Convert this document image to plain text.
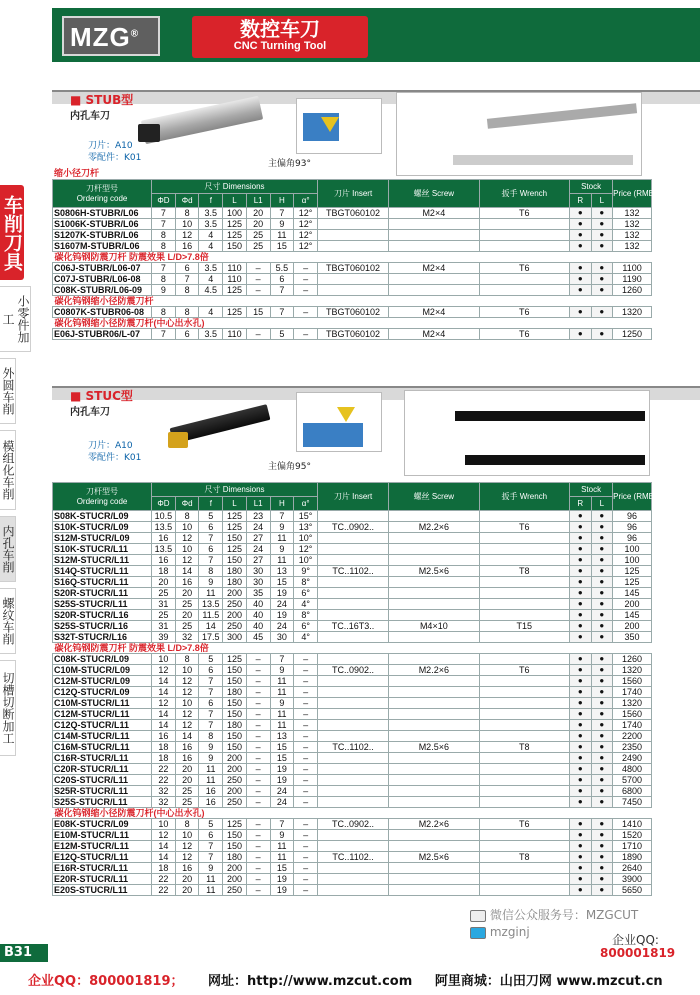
MZG®	数控车刀
CNC Turning Tool
车削刀具
小零件加工
外圆车削
模组化车削
内孔车削
螺纹车削
切槽切断加工
■ STUB型
内孔车刀
刀片：A10
零配件：K01
主偏角93°
缩小径刀杆
刀杆型号
Ordering code	尺寸 Dimensions							刀片 Insert	螺丝 Screw	扳手 Wrench	Stock		Price (RMB)
	ΦD	Φd	f	L	L1	H	α°				R	L	
S0806H-STUBR/L06	7	8	3.5	100	20	7	12°	TBGT060102	M2×4	T6	●	●	132
S1006K-STUBR/L06	7	10	3.5	125	20	9	12°				●	●	132
S1207K-STUBR/L06	8	12	4	125	25	11	12°				●	●	132
S1607M-STUBR/L06	8	16	4	150	25	15	12°				●	●	132
碳化钨钢防震刀杆 防震效果 L/D>7.8倍													
C06J-STUBR/L06-07	7	6	3.5	110	–	5.5	–	TBGT060102	M2×4	T6	●	●	1100
C07J-STUBR/L06-08	8	7	4	110	–	6	–				●	●	1190
C08K-STUBR/L06-09	9	8	4.5	125	–	7	–				●	●	1260
碳化钨钢缩小径防震刀杆													
C0807K-STUBR06-08	8	8	4	125	15	7	–	TBGT060102	M2×4	T6	●	●	1320
碳化钨钢缩小径防震刀杆(中心出水孔)													
E06J-STUBR06/L-07	7	6	3.5	110	–	5	–	TBGT060102	M2×4	T6	●	●	1250
■ STUC型
内孔车刀
刀片：A10
零配件：K01
主偏角95°
刀杆型号
Ordering code	尺寸 Dimensions							刀片 Insert	螺丝 Screw	扳手 Wrench	Stock		Price (RMB)
	ΦD	Φd	f	L	L1	H	α°				R	L	
S08K-STUCR/L09	10.5	8	5	125	23	7	15°				●	●	96
S10K-STUCR/L09	13.5	10	6	125	24	9	13°	TC..0902..	M2.2×6	T6	●	●	96
S12M-STUCR/L09	16	12	7	150	27	11	10°				●	●	96
S10K-STUCR/L11	13.5	10	6	125	24	9	12°				●	●	100
S12M-STUCR/L11	16	12	7	150	27	11	10°				●	●	100
S14Q-STUCR/L11	18	14	8	180	30	13	9°	TC..1102..	M2.5×6	T8	●	●	125
S16Q-STUCR/L11	20	16	9	180	30	15	8°				●	●	125
S20R-STUCR/L11	25	20	11	200	35	19	6°				●	●	145
S25S-STUCR/L11	31	25	13.5	250	40	24	4°				●	●	200
S20R-STUCR/L16	25	20	11.5	200	40	19	8°				●	●	145
S25S-STUCR/L16	31	25	14	250	40	24	6°	TC..16T3..	M4×10	T15	●	●	200
S32T-STUCR/L16	39	32	17.5	300	45	30	4°				●	●	350
碳化钨钢防震刀杆 防震效果 L/D>7.8倍													
C08K-STUCR/L09	10	8	5	125	–	7	–				●	●	1260
C10M-STUCR/L09	12	10	6	150	–	9	–	TC..0902..	M2.2×6	T6	●	●	1320
C12M-STUCR/L09	14	12	7	150	–	11	–				●	●	1560
C12Q-STUCR/L09	14	12	7	180	–	11	–				●	●	1740
C10M-STUCR/L11	12	10	6	150	–	9	–				●	●	1320
C12M-STUCR/L11	14	12	7	150	–	11	–				●	●	1560
C12Q-STUCR/L11	14	12	7	180	–	11	–				●	●	1740
C14M-STUCR/L11	16	14	8	150	–	13	–				●	●	2200
C16M-STUCR/L11	18	16	9	150	–	15	–	TC..1102..	M2.5×6	T8	●	●	2350
C16R-STUCR/L11	18	16	9	200	–	15	–				●	●	2490
C20R-STUCR/L11	22	20	11	200	–	19	–				●	●	4800
C20S-STUCR/L11	22	20	11	250	–	19	–				●	●	5700
S25R-STUCR/L11	32	25	16	200	–	24	–				●	●	6800
S25S-STUCR/L11	32	25	16	250	–	24	–				●	●	7450
碳化钨钢缩小径防震刀杆(中心出水孔)													
E08K-STUCR/L09	10	8	5	125	–	7	–	TC..0902..	M2.2×6	T6	●	●	1410
E10M-STUCR/L11	12	10	6	150	–	9	–				●	●	1520
E12M-STUCR/L11	14	12	7	150	–	11	–				●	●	1710
E12Q-STUCR/L11	14	12	7	180	–	11	–	TC..1102..	M2.5×6	T8	●	●	1890
E16R-STUCR/L11	18	16	9	200	–	15	–				●	●	2640
E20R-STUCR/L11	22	20	11	200	–	19	–				●	●	3900
E20S-STUCR/L11	22	20	11	250	–	19	–				●	●	5650
B31
微信公众服务号：MZGCUT
mzginj
企业QQ:
800001819
企业QQ：800001819； 网址：http://www.mzcut.com 阿里商城：山田刀网 www.mzcut.cn
